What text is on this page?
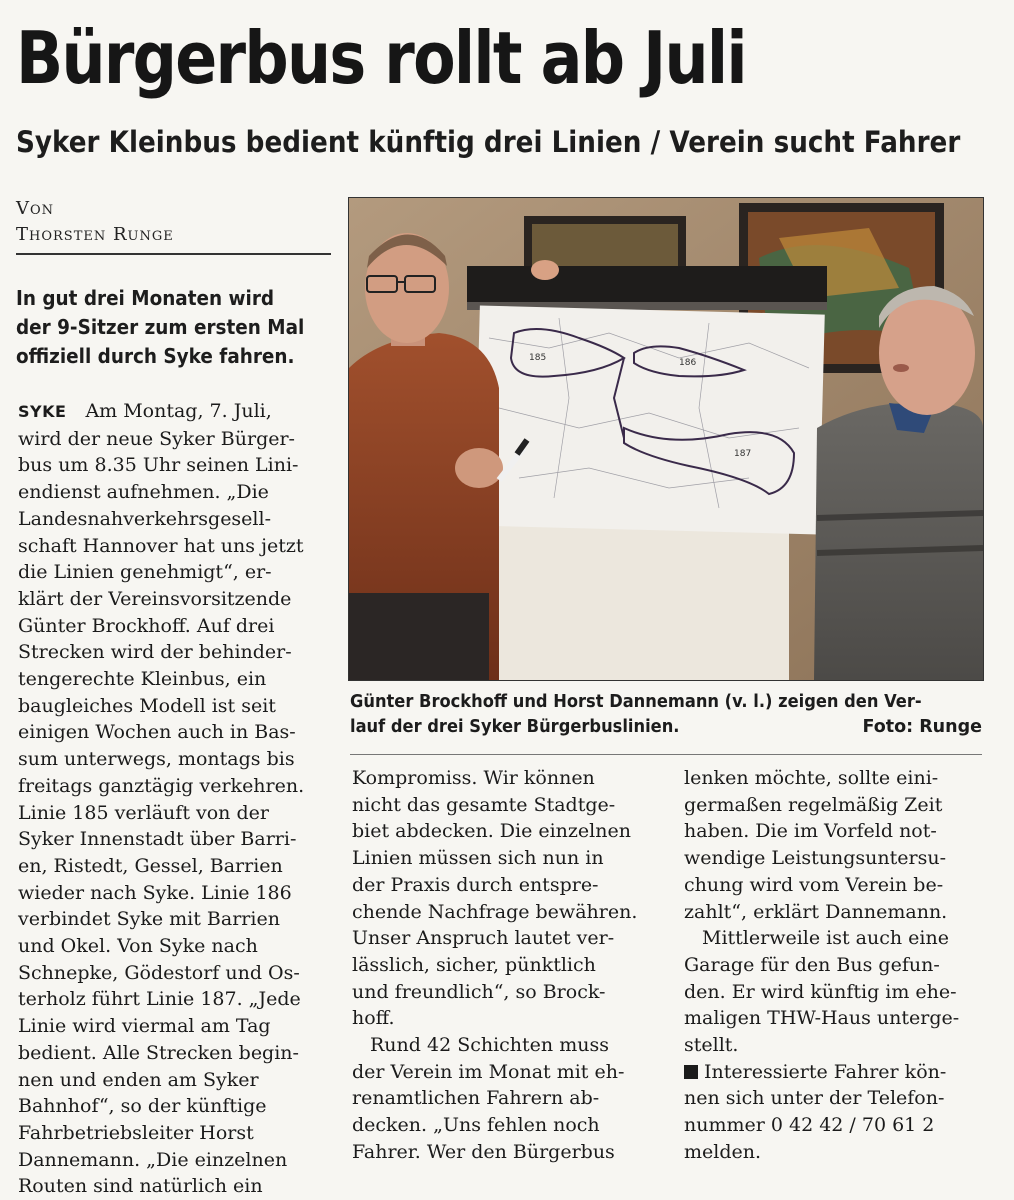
Bürgerbus rollt ab Juli
Syker Kleinbus bedient künftig drei Linien / Verein sucht Fahrer
Von
Thorsten Runge
In gut drei Monaten wird
der 9-Sitzer zum ersten Mal
offiziell durch Syke fahren.
SYKE  Am Montag, 7. Juli,
wird der neue Syker Bürger-
bus um 8.35 Uhr seinen Lini-
endienst aufnehmen. „Die
Landesnahverkehrsgesell-
schaft Hannover hat uns jetzt
die Linien genehmigt“, er-
klärt der Vereinsvorsitzende
Günter Brockhoff. Auf drei
Strecken wird der behinder-
tengerechte Kleinbus, ein
baugleiches Modell ist seit
einigen Wochen auch in Bas-
sum unterwegs, montags bis
freitags ganztägig verkehren.
Linie 185 verläuft von der
Syker Innenstadt über Barri-
en, Ristedt, Gessel, Barrien
wieder nach Syke. Linie 186
verbindet Syke mit Barrien
und Okel. Von Syke nach
Schnepke, Gödestorf und Os-
terholz führt Linie 187. „Jede
Linie wird viermal am Tag
bedient. Alle Strecken begin-
nen und enden am Syker
Bahnhof“, so der künftige
Fahrbetriebsleiter Horst
Dannemann. „Die einzelnen
Routen sind natürlich ein
Kompromiss. Wir können
nicht das gesamte Stadtge-
biet abdecken. Die einzelnen
Linien müssen sich nun in
der Praxis durch entspre-
chende Nachfrage bewähren.
Unser Anspruch lautet ver-
lässlich, sicher, pünktlich
und freundlich“, so Brock-
hoff.
Rund 42 Schichten muss
der Verein im Monat mit eh-
renamtlichen Fahrern ab-
decken. „Uns fehlen noch
Fahrer. Wer den Bürgerbus
lenken möchte, sollte eini-
germaßen regelmäßig Zeit
haben. Die im Vorfeld not-
wendige Leistungsuntersu-
chung wird vom Verein be-
zahlt“, erklärt Dannemann.
Mittlerweile ist auch eine
Garage für den Bus gefun-
den. Er wird künftig im ehe-
maligen THW-Haus unterge-
stellt.
Interessierte Fahrer kön-
nen sich unter der Telefon-
nummer 0 42 42 / 70 61 2
melden.
185	186
187
Günter Brockhoff und Horst Dannemann (v. l.) zeigen den Ver-
lauf der drei Syker Bürgerbuslinien.	Foto: Runge
